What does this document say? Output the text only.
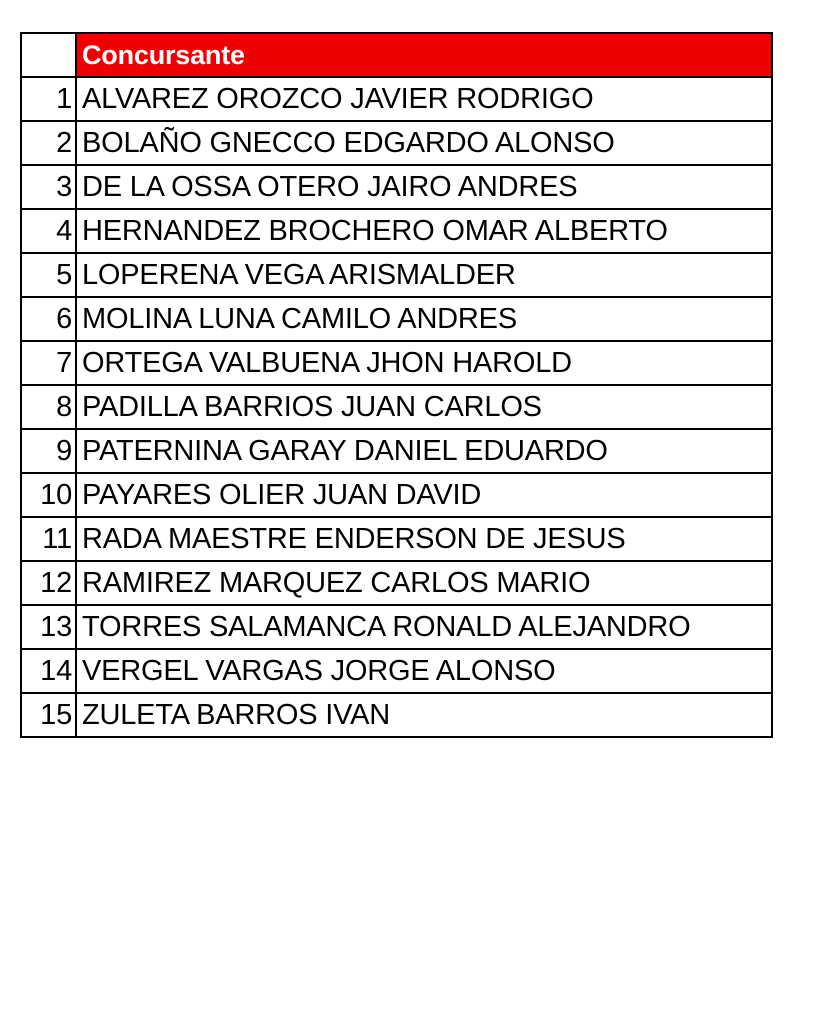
	Concursante
1	ALVAREZ OROZCO JAVIER RODRIGO
2	BOLAÑO GNECCO EDGARDO ALONSO
3	DE LA OSSA OTERO JAIRO ANDRES
4	HERNANDEZ BROCHERO OMAR ALBERTO
5	LOPERENA VEGA ARISMALDER
6	MOLINA LUNA CAMILO ANDRES
7	ORTEGA VALBUENA JHON HAROLD
8	PADILLA BARRIOS JUAN CARLOS
9	PATERNINA GARAY DANIEL EDUARDO
10	PAYARES OLIER JUAN DAVID
11	RADA MAESTRE ENDERSON DE JESUS
12	RAMIREZ MARQUEZ CARLOS MARIO
13	TORRES SALAMANCA RONALD ALEJANDRO
14	VERGEL VARGAS JORGE ALONSO
15	ZULETA BARROS IVAN
